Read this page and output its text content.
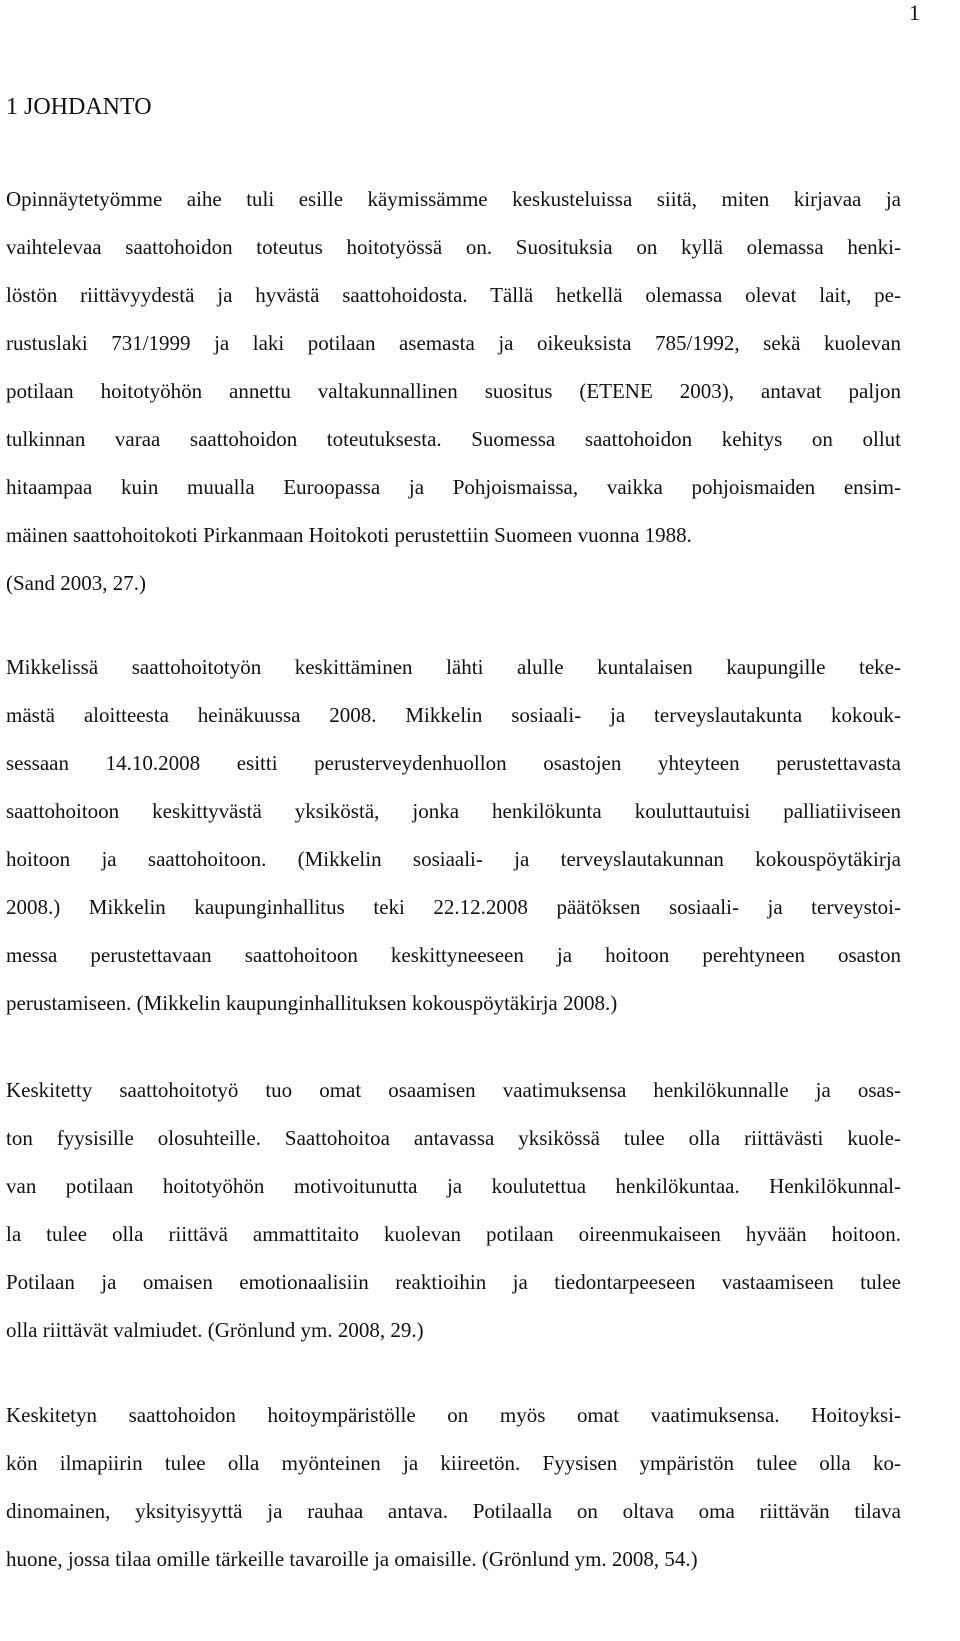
1
1 JOHDANTO
Opinnäytetyömme aihe tuli esille käymissämme keskusteluissa siitä, miten kirjavaa ja
vaihtelevaa saattohoidon toteutus hoitotyössä on. Suosituksia on kyllä olemassa henki-
löstön riittävyydestä ja hyvästä saattohoidosta. Tällä hetkellä olemassa olevat lait, pe-
rustuslaki 731/1999 ja laki potilaan asemasta ja oikeuksista 785/1992, sekä kuolevan
potilaan hoitotyöhön annettu valtakunnallinen suositus (ETENE 2003), antavat paljon
tulkinnan varaa saattohoidon toteutuksesta. Suomessa saattohoidon kehitys on ollut
hitaampaa kuin muualla Euroopassa ja Pohjoismaissa, vaikka pohjoismaiden ensim-
mäinen saattohoitokoti Pirkanmaan Hoitokoti perustettiin Suomeen vuonna 1988.
(Sand 2003, 27.)
Mikkelissä saattohoitotyön keskittäminen lähti alulle kuntalaisen kaupungille teke-
mästä aloitteesta heinäkuussa 2008. Mikkelin sosiaali- ja terveyslautakunta kokouk-
sessaan 14.10.2008 esitti perusterveydenhuollon osastojen yhteyteen perustettavasta
saattohoitoon keskittyvästä yksiköstä, jonka henkilökunta kouluttautuisi palliatiiviseen
hoitoon ja saattohoitoon. (Mikkelin sosiaali- ja terveyslautakunnan kokouspöytäkirja
2008.) Mikkelin kaupunginhallitus teki 22.12.2008 päätöksen sosiaali- ja terveystoi-
messa perustettavaan saattohoitoon keskittyneeseen ja hoitoon perehtyneen osaston
perustamiseen. (Mikkelin kaupunginhallituksen kokouspöytäkirja 2008.)
Keskitetty saattohoitotyö tuo omat osaamisen vaatimuksensa henkilökunnalle ja osas-
ton fyysisille olosuhteille. Saattohoitoa antavassa yksikössä tulee olla riittävästi kuole-
van potilaan hoitotyöhön motivoitunutta ja koulutettua henkilökuntaa. Henkilökunnal-
la tulee olla riittävä ammattitaito kuolevan potilaan oireenmukaiseen hyvään hoitoon.
Potilaan ja omaisen emotionaalisiin reaktioihin ja tiedontarpeeseen vastaamiseen tulee
olla riittävät valmiudet. (Grönlund ym. 2008, 29.)
Keskitetyn saattohoidon hoitoympäristölle on myös omat vaatimuksensa. Hoitoyksi-
kön ilmapiirin tulee olla myönteinen ja kiireetön. Fyysisen ympäristön tulee olla ko-
dinomainen, yksityisyyttä ja rauhaa antava. Potilaalla on oltava oma riittävän tilava
huone, jossa tilaa omille tärkeille tavaroille ja omaisille. (Grönlund ym. 2008, 54.)
